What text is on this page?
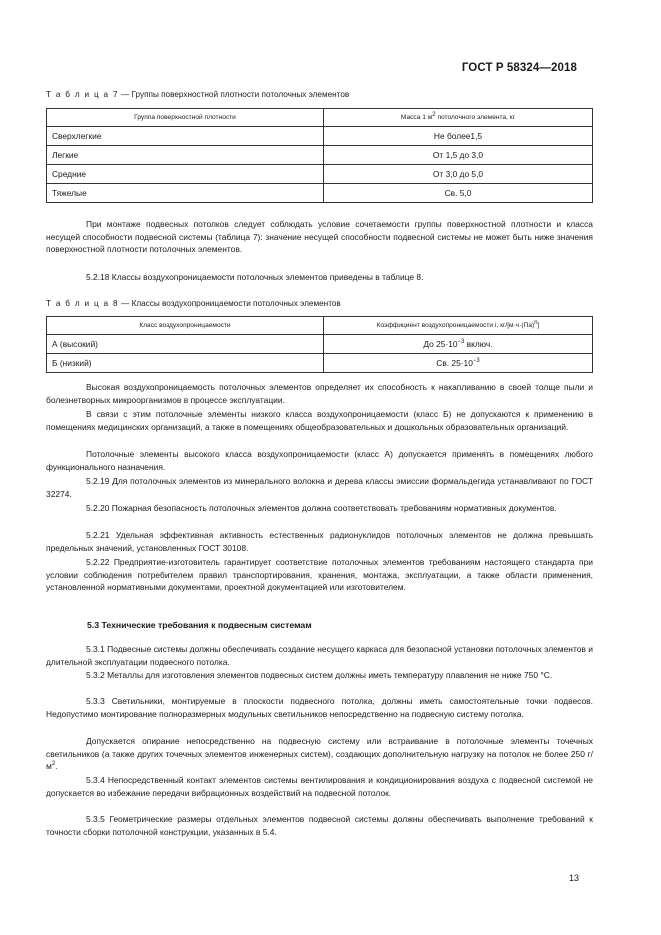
ГОСТ Р 58324—2018
Т а б л и ц а 7 — Группы поверхностной плотности потолочных элементов
Группа поверхностной плотности	Масса 1 м2 потолочного элемента, кг
Сверхлегкие	Не более1,5
Легкие	От 1,5 до 3,0
Средние	От 3,0 до 5,0
Тяжелые	Св. 5,0

При монтаже подвесных потолков следует соблюдать условие сочетаемости группы поверхностной плотности и класса несущей способности подвесной системы (таблица 7): значение несущей способности подвесной системы не может быть ниже значения поверхностной плотности потолочных элементов.

5.2.18 Классы воздухопроницаемости потолочных элементов приведены в таблице 8.

Т а б л и ц а 8 — Классы воздухопроницаемости потолочных элементов
Класс воздухопроницаемости	Коэффициент воздухопроницаемости i, кг/[м·ч·(Па)n]
А (высокий)	До $25\cdot 10^{-3}$ включ.
Б (низкий)	Св. $25\cdot 10^{-3}$

Высокая воздухопроницаемость потолочных элементов определяет их способность к накапливанию в своей толще пыли и болезнетворных микроорганизмов в процессе эксплуатации.

В связи с этим потолочные элементы низкого класса воздухопроницаемости (класс Б) не допускаются к применению в помещениях медицинских организаций, а также в помещениях общеобразовательных и дошкольных образовательных организаций.

Потолочные элементы высокого класса воздухопроницаемости (класс А) допускается применять в помещениях любого функционального назначения.

5.2.19 Для потолочных элементов из минерального волокна и дерева классы эмиссии формальдегида устанавливают по ГОСТ 32274.

5.2.20 Пожарная безопасность потолочных элементов должна соответствовать требованиям нормативных документов.

5.2.21 Удельная эффективная активность естественных радионуклидов потолочных элементов не должна превышать предельных значений, установленных ГОСТ 30108.

5.2.22 Предприятие-изготовитель гарантирует соответствие потолочных элементов требованиям настоящего стандарта при условии соблюдения потребителем правил транспортирования, хранения, монтажа, эксплуатации, а также области применения, установленной нормативными документами, проектной документацией или изготовителем.

5.3 Технические требования к подвесным системам

5.3.1 Подвесные системы должны обеспечивать создание несущего каркаса для безопасной установки потолочных элементов и длительной эксплуатации подвесного потолка.

5.3.2 Металлы для изготовления элементов подвесных систем должны иметь температуру плавления не ниже 750 °С.

5.3.3 Светильники, монтируемые в плоскости подвесного потолка, должны иметь самостоятельные точки подвесов. Недопустимо монтирование полноразмерных модульных светильников непосредственно на подвесную систему потолка.

Допускается опирание непосредственно на подвесную систему или встраивание в потолочные элементы точечных светильников (а также других точечных элементов инженерных систем), создающих дополнительную нагрузку на потолок не более 250 $г/м^2$.

5.3.4 Непосредственный контакт элементов системы вентилирования и кондиционирования воздуха с подвесной системой не допускается во избежание передачи вибрационных воздействий на подвесной потолок.

5.3.5 Геометрические размеры отдельных элементов подвесной системы должны обеспечивать выполнение требований к точности сборки потолочной конструкции, указанных в 5.4.

13
